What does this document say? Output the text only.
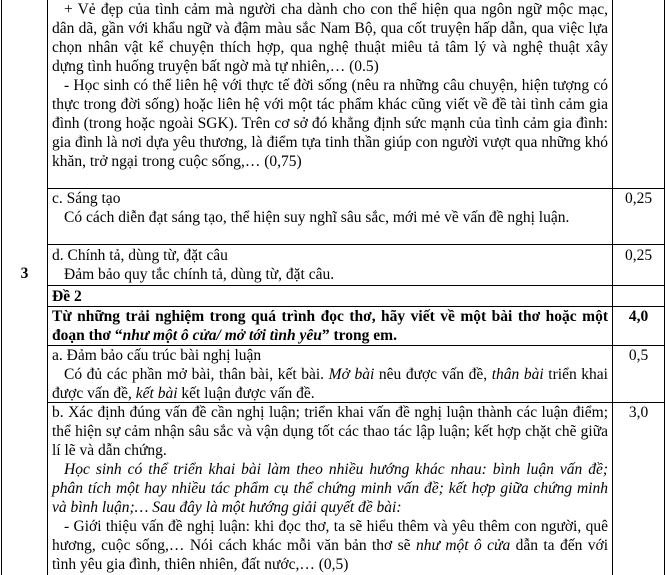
+ Vẻ đẹp của tình cảm mà người cha dành cho con thể hiện qua ngôn ngữ mộc mạc, dân dã, gần với khẩu ngữ và đậm màu sắc Nam Bộ, qua cốt truyện hấp dẫn, qua việc lựa chọn nhân vật kể chuyện thích hợp, qua nghệ thuật miêu tả tâm lý và nghệ thuật xây dựng tình huống truyện bất ngờ mà tự nhiên,… (0.5)

- Học sinh có thể liên hệ với thực tế đời sống (nêu ra những câu chuyện, hiện tượng có thực trong đời sống) hoặc liên hệ với một tác phẩm khác cũng viết về đề tài tình cảm gia đình (trong hoặc ngoài SGK). Trên cơ sở đó khẳng định sức mạnh của tình cảm gia đình: gia đình là nơi dựa yêu thương, là điểm tựa tinh thần giúp con người vượt qua những khó khăn, trở ngại trong cuộc sống,… (0,75)

c. Sáng tạo

Có cách diễn đạt sáng tạo, thể hiện suy nghĩ sâu sắc, mới mẻ về vấn đề nghị luận.

0,25

d. Chính tả, dùng từ, đặt câu

Đảm bảo quy tắc chính tả, dùng từ, đặt câu.

0,25
3
Đề 2
Từ những trải nghiệm trong quá trình đọc thơ, hãy viết về một bài thơ hoặc một đoạn thơ “như một ô cửa/ mở tới tình yêu” trong em.
4,0

a. Đảm bảo cấu trúc bài nghị luận

Có đủ các phần mở bài, thân bài, kết bài. Mở bài nêu được vấn đề, thân bài triển khai được vấn đề, kết bài kết luận được vấn đề.

0,5

b. Xác định đúng vấn đề cần nghị luận; triển khai vấn đề nghị luận thành các luận điểm; thể hiện sự cảm nhận sâu sắc và vận dụng tốt các thao tác lập luận; kết hợp chặt chẽ giữa lí lẽ và dẫn chứng.

Học sinh có thể triển khai bài làm theo nhiều hướng khác nhau: bình luận vấn đề; phân tích một hay nhiều tác phẩm cụ thể chứng minh vấn đề; kết hợp giữa chứng minh và bình luận;… Sau đây là một hướng giải quyết đề bài:

- Giới thiệu vấn đề nghị luận: khi đọc thơ, ta sẽ hiểu thêm và yêu thêm con người, quê hương, cuộc sống,… Nói cách khác mỗi văn bản thơ sẽ như một ô cửa dẫn ta đến với tình yêu gia đình, thiên nhiên, đất nước,… (0,5)

3,0
